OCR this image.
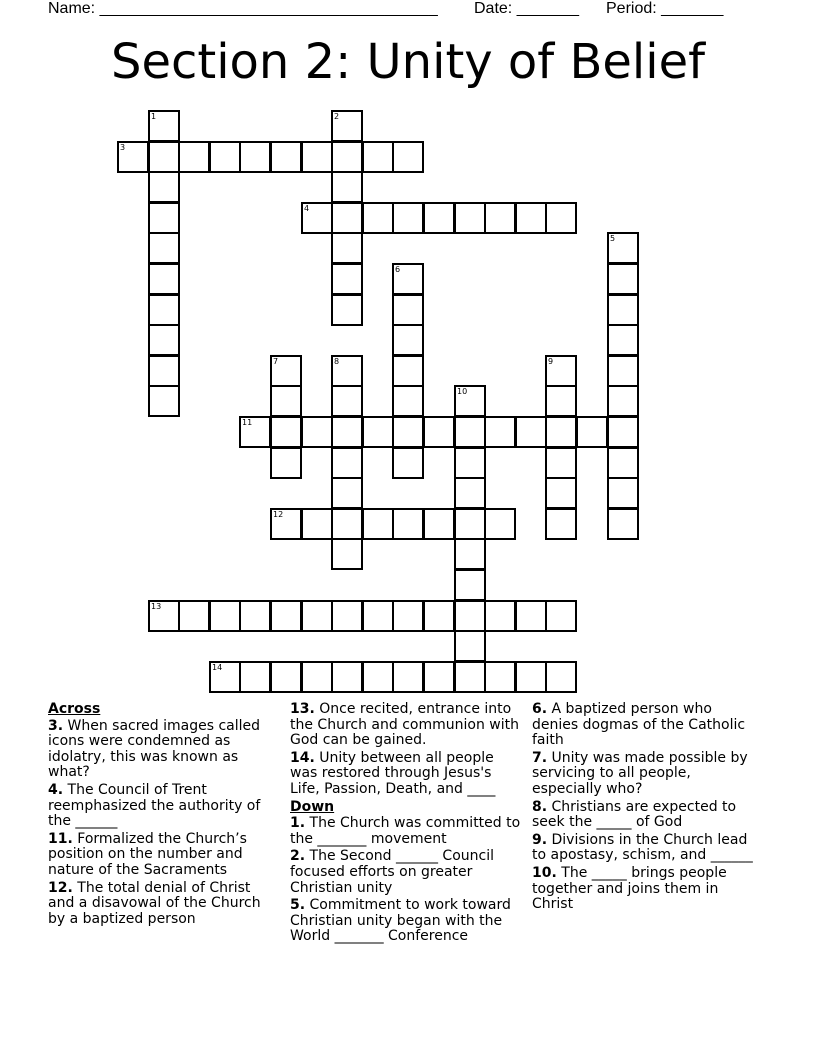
Name: ______________________________________ Date: _______ Period: _______
Section 2: Unity of Belief
1	2
3
4
5
6
7	8	9
10
11
12
13
14
Across
3. When sacred images called icons were condemned as idolatry, this was known as what?
4. The Council of Trent reemphasized the authority of the ______
11. Formalized the Church’s position on the number and nature of the Sacraments
12. The total denial of Christ and a disavowal of the Church by a baptized person
13. Once recited, entrance into the Church and communion with God can be gained.
14. Unity between all people was restored through Jesus's Life, Passion, Death, and ____
Down
1. The Church was committed to the _______ movement
2. The Second ______ Council focused efforts on greater Christian unity
5. Commitment to work toward Christian unity began with the World _______ Conference
6. A baptized person who denies dogmas of the Catholic faith
7. Unity was made possible by servicing to all people, especially who?
8. Christians are expected to seek the _____ of God
9. Divisions in the Church lead to apostasy, schism, and ______
10. The _____ brings people together and joins them in Christ
